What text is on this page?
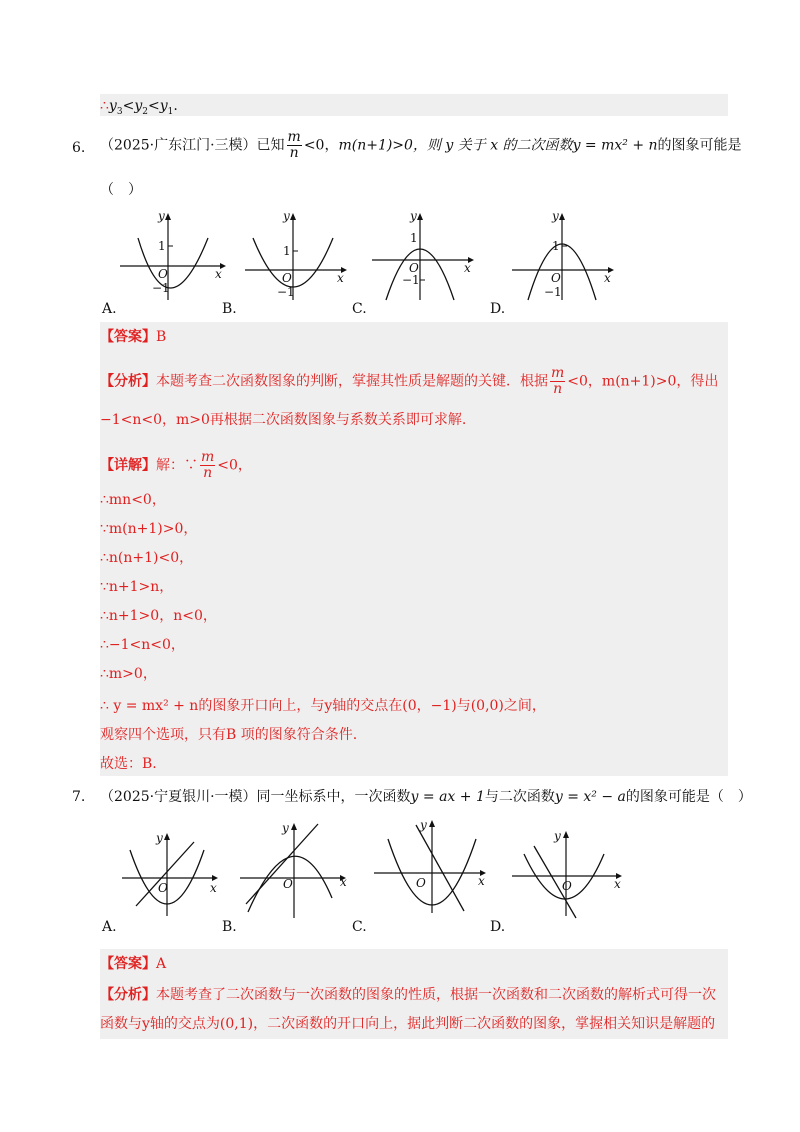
$\therefore y_3<y_2<y_1$.
6. （2025·广东江门·三模）已知 $\frac{m}{n} <0$，m(n+1)>0，则 y 关于 x 的二次函数y = mx² + n的图象可能是
（　）
y
x
O
1
−1
y
x
O
1
−1
y
x
O
1
−1
y
x
O
1
−1
A.	B.	C.	D.
【答案】B
【分析】本题考查二次函数图象的判断，掌握其性质是解题的关键．根据 $\frac{m}{n} <0$，m(n+1)>0，得出
−1<n<0，m>0再根据二次函数图象与系数关系即可求解.
【详解】解：∵ $\frac{m}{n} <0$，
∴mn<0，
∵m(n+1)>0，
∴n(n+1)<0，
∵n+1>n，
∴n+1>0，n<0，
∴−1<n<0，
∴m>0，
∴ y = mx² + n的图象开口向上，与y轴的交点在(0，−1)与(0,0)之间，
观察四个选项，只有B 项的图象符合条件.
故选：B.
7. （2025·宁夏银川·一模）同一坐标系中，一次函数y = ax + 1与二次函数y = x² − a的图象可能是（　）
y
x
O
y
x
O
y
x
O
y
x
O
A.	B.	C.	D.
【答案】A
【分析】本题考查了二次函数与一次函数的图象的性质，根据一次函数和二次函数的解析式可得一次
函数与y轴的交点为(0,1)，二次函数的开口向上，据此判断二次函数的图象，掌握相关知识是解题的
